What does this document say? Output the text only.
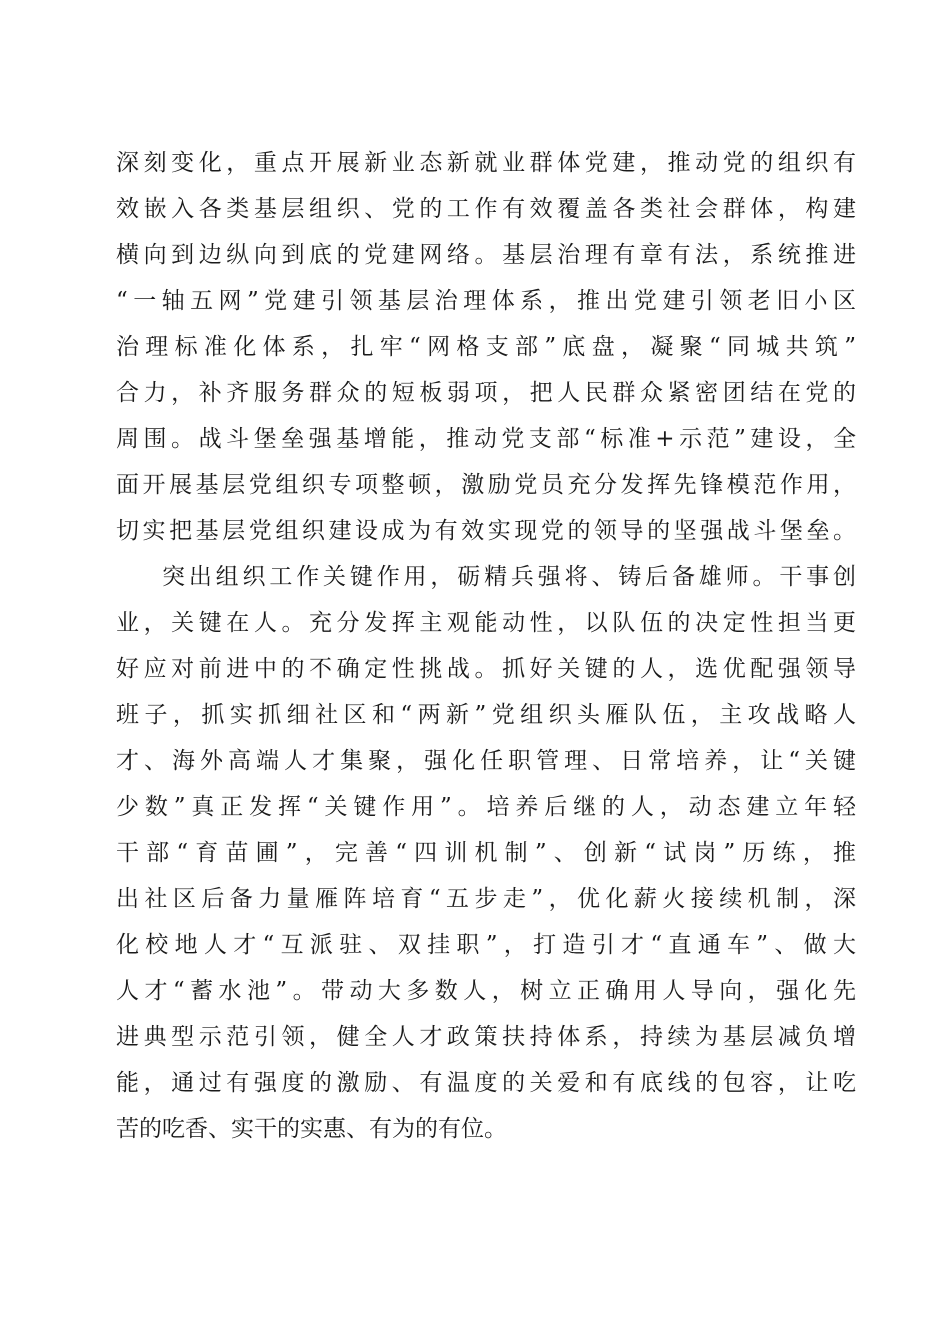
深刻变化，重点开展新业态新就业群体党建，推动党的组织有
效嵌入各类基层组织、党的工作有效覆盖各类社会群体，构建
横向到边纵向到底的党建网络。基层治理有章有法，系统推进
“一轴五网”党建引领基层治理体系，推出党建引领老旧小区
治理标准化体系，扎牢“网格支部”底盘，凝聚“同城共筑”
合力，补齐服务群众的短板弱项，把人民群众紧密团结在党的
周围。战斗堡垒强基增能，推动党支部“标准+示范”建设，全
面开展基层党组织专项整顿，激励党员充分发挥先锋模范作用，
切实把基层党组织建设成为有效实现党的领导的坚强战斗堡垒。
突出组织工作关键作用，砺精兵强将、铸后备雄师。干事创
业，关键在人。充分发挥主观能动性，以队伍的决定性担当更
好应对前进中的不确定性挑战。抓好关键的人，选优配强领导
班子，抓实抓细社区和“两新”党组织头雁队伍，主攻战略人
才、海外高端人才集聚，强化任职管理、日常培养，让“关键
少数”真正发挥“关键作用”。培养后继的人，动态建立年轻
干部“育苗圃”，完善“四训机制”、创新“试岗”历练，推
出社区后备力量雁阵培育“五步走”，优化薪火接续机制，深
化校地人才“互派驻、双挂职”，打造引才“直通车”、做大
人才“蓄水池”。带动大多数人，树立正确用人导向，强化先
进典型示范引领，健全人才政策扶持体系，持续为基层减负增
能，通过有强度的激励、有温度的关爱和有底线的包容，让吃
苦的吃香、实干的实惠、有为的有位。
